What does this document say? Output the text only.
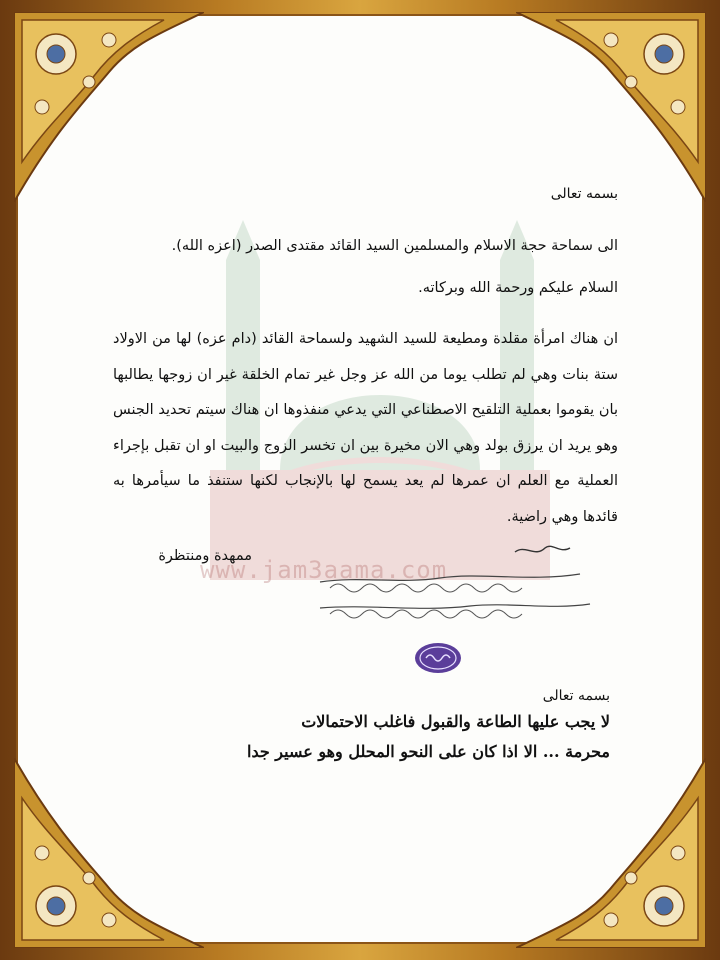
www.jam3aama.com
بسمه تعالى
الى سماحة حجة الاسلام والمسلمين السيد القائد مقتدى الصدر (اعزه الله).
السلام عليكم ورحمة الله وبركاته.
ان هناك امرأة مقلدة ومطيعة للسيد الشهيد ولسماحة القائد (دام عزه) لها من الاولاد ستة بنات وهي لم تطلب يوما من الله عز وجل غير تمام الخلقة غير ان زوجها يطالبها بان يقوموا بعملية التلقيح الاصطناعي التي يدعي منفذوها ان هناك سيتم تحديد الجنس وهو يريد ان يرزق بولد وهي الان مخيرة بين ان تخسر الزوج والبيت او ان تقبل بإجراء العملية مع العلم ان عمرها لم يعد يسمح لها بالإنجاب لكنها ستنفذ ما سيأمرها به قائدها وهي راضية.
ممهدة ومنتظرة
بسمه تعالى
لا يجب عليها الطاعة والقبول فاغلب الاحتمالات
محرمة ... الا اذا كان على النحو المحلل وهو عسير جدا
